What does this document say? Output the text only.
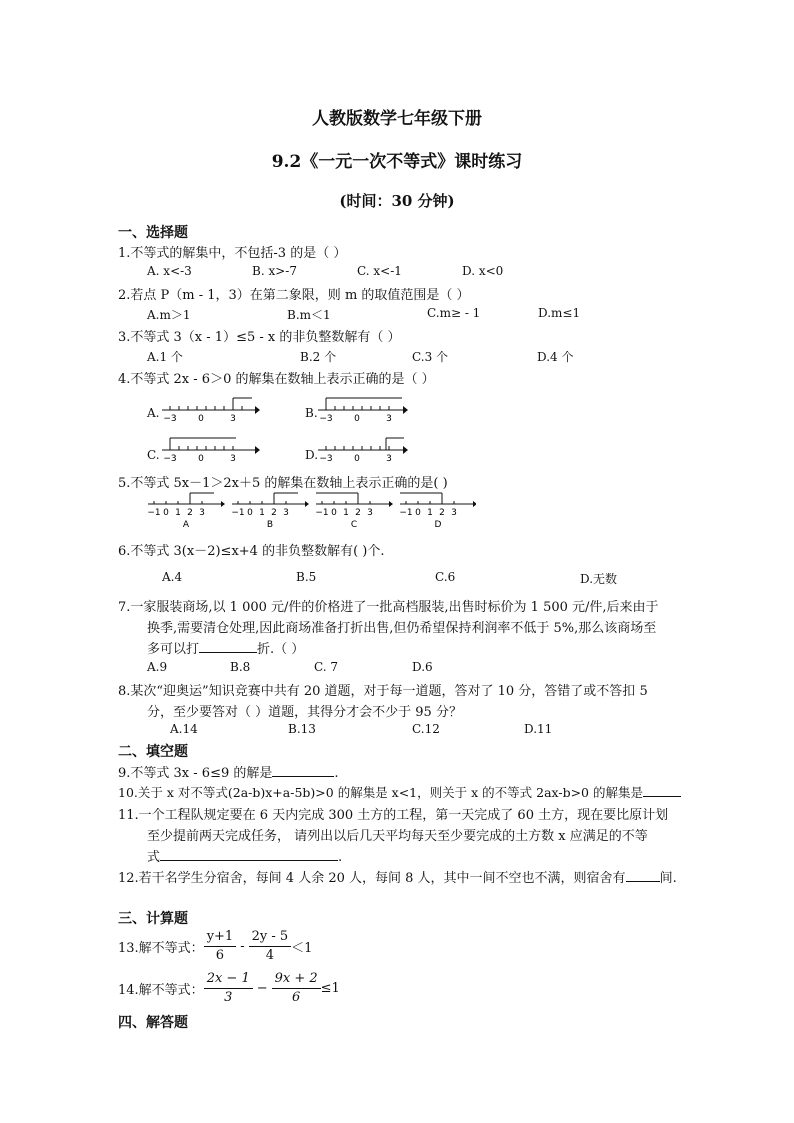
人教版数学七年级下册
9.2《一元一次不等式》课时练习
(时间：30 分钟)
一、选择题
1.不等式的解集中，不包括-3 的是（ ）
A. x<-3	B. x>-7	C. x<-1	D. x<0
2.若点 P（m - 1，3）在第二象限，则 m 的取值范围是（ ）
A.m＞1	B.m＜1	C.m≥ - 1	D.m≤1
3.不等式 3（x - 1）≤5 - x 的非负整数解有（ ）
A.1 个	B.2 个	C.3 个	D.4 个
4.不等式 2x - 6＞0 的解集在数轴上表示正确的是（ ）
A. −3 0	3	B. −3 0	3
C. −3 0	3	D. −3 0	3
5.不等式 5x－1＞2x＋5 的解集在数轴上表示正确的是( )
−1 0 1 2 3
A
−1 0 1 2 3
B
−1 0 1 2 3
C
−1 0 1 2 3
D
6.不等式 3(x－2)≤x+4 的非负整数解有( )个.
A.4	B.5	C.6	D.无数
7.一家服装商场,以 1 000 元/件的价格进了一批高档服装,出售时标价为 1 500 元/件,后来由于
换季,需要清仓处理,因此商场准备打折出售,但仍希望保持利润率不低于 5%,那么该商场至
多可以打	折.（ ）
A.9	B.8	C. 7	D.6
8.某次“迎奥运”知识竞赛中共有 20 道题，对于每一道题，答对了 10 分，答错了或不答扣 5
分，至少要答对（ ）道题，其得分才会不少于 95 分？
A.14	B.13	C.12	D.11
二、填空题
9.不等式 3x - 6≤9 的解是	.
10.关于 x 对不等式(2a-b)x+a-5b)>0 的解集是 x<1，则关于 x 的不等式 2ax-b>0 的解集是
11.一个工程队规定要在 6 天内完成 300 土方的工程，第一天完成了 60 土方，现在要比原计划
至少提前两天完成任务， 请列出以后几天平均每天至少要完成的土方数 x 应满足的不等
式	.
12.若干名学生分宿舍，每间 4 人余 20 人，每间 8 人，其中一间不空也不满，则宿舍有	间.
三、计算题
13.解不等式： $\frac{y+1}{6} - \frac{2y - 5}{4} <1$
14.解不等式： $\frac{2x - 1}{3} - \frac{9x + 2}{6} \le 1$
四、解答题
